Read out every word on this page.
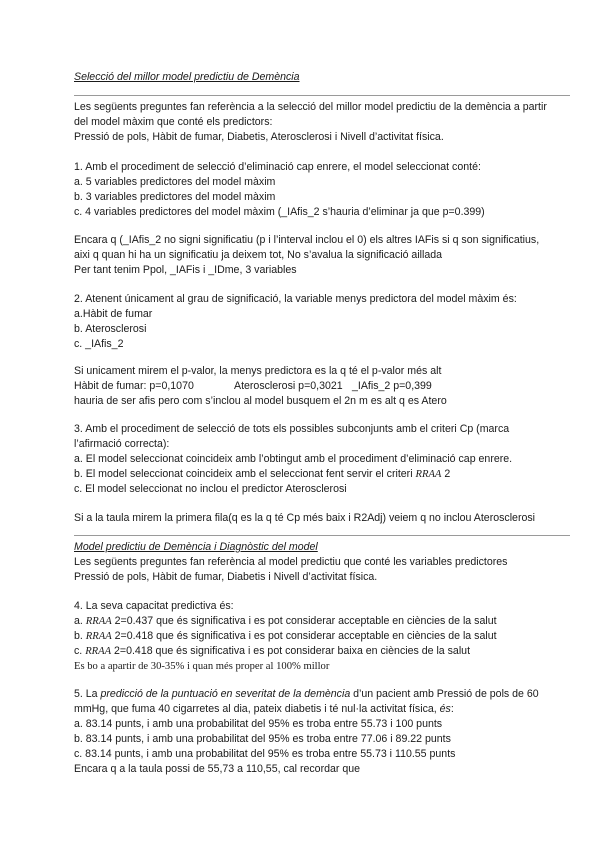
Selecció del millor model predictiu de Demència
Les següents preguntes fan referència a la selecció del millor model predictiu de la demència a partir
del model màxim que conté els predictors:
Pressió de pols, Hàbit de fumar, Diabetis, Aterosclerosi i Nivell d’activitat física.
1. Amb el procediment de selecció d’eliminació cap enrere, el model seleccionat conté:
a. 5 variables predictores del model màxim
b. 3 variables predictores del model màxim
c. 4 variables predictores del model màxim (_IAfis_2 s’hauria d’eliminar ja que p=0.399)
Encara q (_IAfis_2 no signi significatiu (p i l’interval inclou el 0) els altres IAFis si q son significatius,
aixi q quan hi ha un significatiu ja deixem tot, No s’avalua la significació aillada
Per tant tenim Ppol, _IAFis i _IDme, 3 variables
2. Atenent únicament al grau de significació, la variable menys predictora del model màxim és:
a.Hàbit de fumar
b. Aterosclerosi
c. _IAfis_2
Si unicament mirem el p-valor, la menys predictora es la q té el p-valor més alt
Hàbit de fumar: p=0,1070	Aterosclerosi p=0,3021 _IAfis_2 p=0,399
hauria de ser afis pero com s’inclou al model busquem el 2n m es alt q es Atero
3. Amb el procediment de selecció de tots els possibles subconjunts amb el criteri Cp (marca
l’afirmació correcta):
a. El model seleccionat coincideix amb l’obtingut amb el procediment d’eliminació cap enrere.
b. El model seleccionat coincideix amb el seleccionat fent servir el criteri RRAA 2
c. El model seleccionat no inclou el predictor Aterosclerosi
Si a la taula mirem la primera fila(q es la q té Cp més baix i R2Adj) veiem q no inclou Aterosclerosi
Model predictiu de Demència i Diagnòstic del model
Les següents preguntes fan referència al model predictiu que conté les variables predictores
Pressió de pols, Hàbit de fumar, Diabetis i Nivell d’activitat física.
4. La seva capacitat predictiva és:
a. RRAA 2=0.437 que és significativa i es pot considerar acceptable en ciències de la salut
b. RRAA 2=0.418 que és significativa i es pot considerar acceptable en ciències de la salut
c. RRAA 2=0.418 que és significativa i es pot considerar baixa en ciències de la salut
Es bo a apartir de 30-35% i quan més proper al 100% millor
5. La predicció de la puntuació en severitat de la demència d’un pacient amb Pressió de pols de 60
mmHg, que fuma 40 cigarretes al dia, pateix diabetis i té nul·la activitat física, és:
a. 83.14 punts, i amb una probabilitat del 95% es troba entre 55.73 i 100 punts
b. 83.14 punts, i amb una probabilitat del 95% es troba entre 77.06 i 89.22 punts
c. 83.14 punts, i amb una probabilitat del 95% es troba entre 55.73 i 110.55 punts
Encara q a la taula possi de 55,73 a 110,55, cal recordar que
